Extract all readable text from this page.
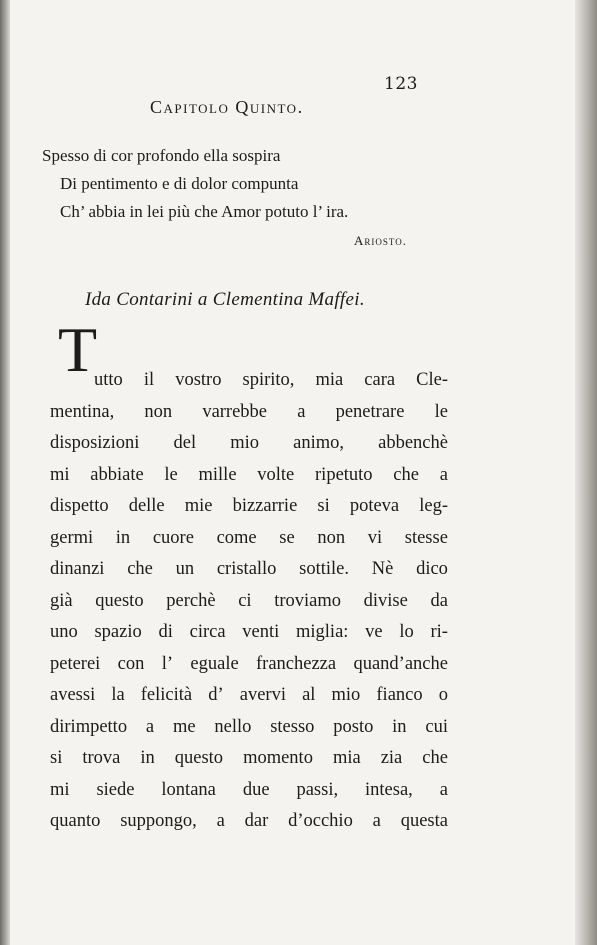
123
Capitolo Quinto.
Spesso di cor profondo ella sospira
Di pentimento e di dolor compunta
Ch’ abbia in lei più che Amor potuto l’ ira.
Ariosto.
Ida Contarini a Clementina Maffei.
T
utto il vostro spirito, mia cara Cle-
mentina, non varrebbe a penetrare le
disposizioni del mio animo, abbenchè
mi abbiate le mille volte ripetuto che a
dispetto delle mie bizzarrie si poteva leg-
germi in cuore come se non vi stesse
dinanzi che un cristallo sottile. Nè dico
già questo perchè ci troviamo divise da
uno spazio di circa venti miglia: ve lo ri-
peterei con l’ eguale franchezza quand’anche
avessi la felicità d’ avervi al mio fianco o
dirimpetto a me nello stesso posto in cui
si trova in questo momento mia zia che
mi siede lontana due passi, intesa, a
quanto suppongo, a dar d’occhio a questa
